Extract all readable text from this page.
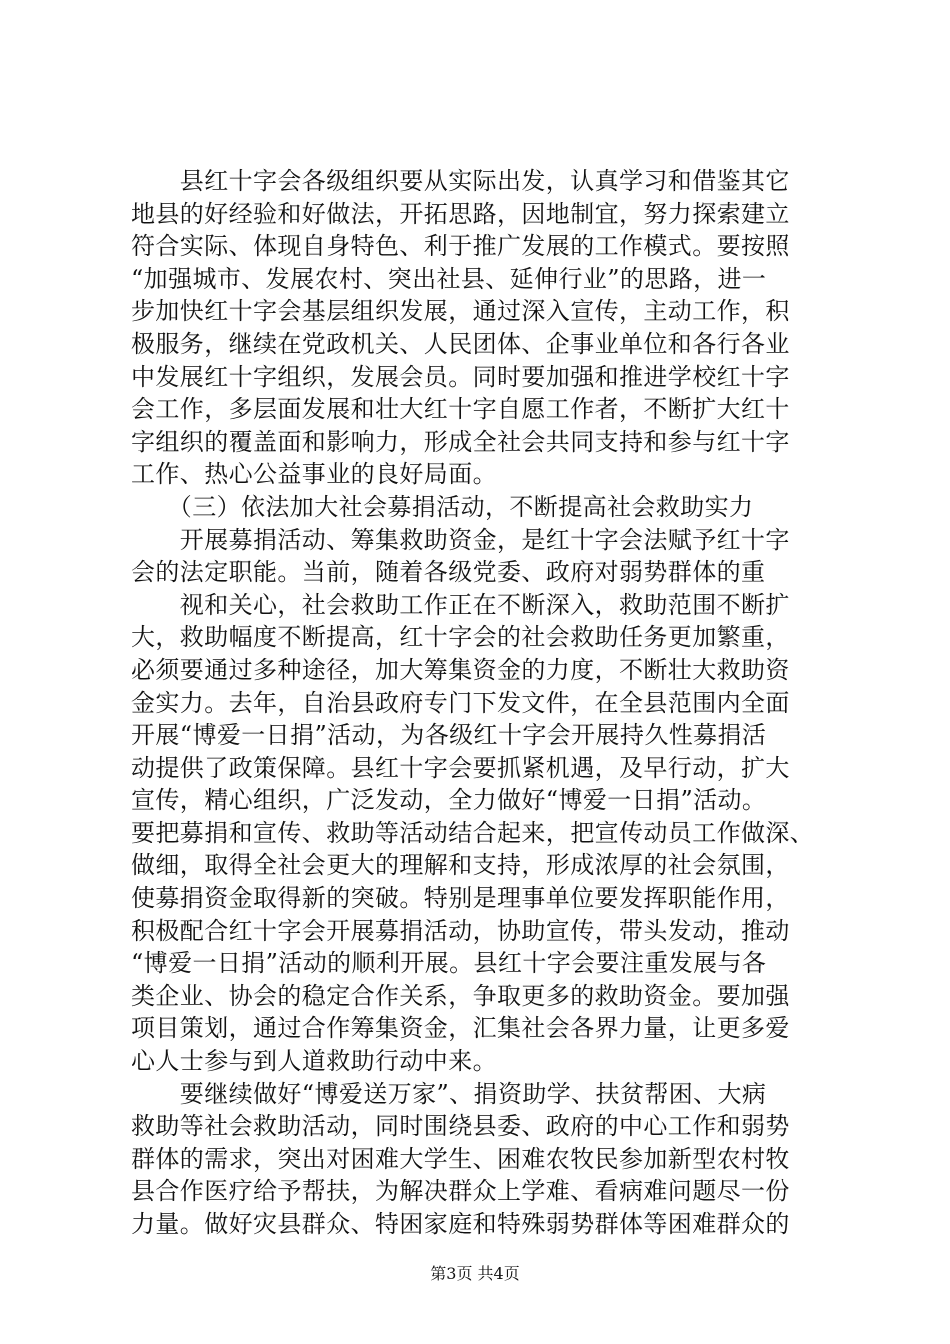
　　县红十字会各级组织要从实际出发，认真学习和借鉴其它
地县的好经验和好做法，开拓思路，因地制宜，努力探索建立
符合实际、体现自身特色、利于推广发展的工作模式。要按照
“加强城市、发展农村、突出社县、延伸行业”的思路，进一
步加快红十字会基层组织发展，通过深入宣传，主动工作，积
极服务，继续在党政机关、人民团体、企事业单位和各行各业
中发展红十字组织，发展会员。同时要加强和推进学校红十字
会工作，多层面发展和壮大红十字自愿工作者，不断扩大红十
字组织的覆盖面和影响力，形成全社会共同支持和参与红十字
工作、热心公益事业的良好局面。
　　（三）依法加大社会募捐活动，不断提高社会救助实力
　　开展募捐活动、筹集救助资金，是红十字会法赋予红十字
会的法定职能。当前，随着各级党委、政府对弱势群体的重
　　视和关心，社会救助工作正在不断深入，救助范围不断扩
大，救助幅度不断提高，红十字会的社会救助任务更加繁重，
必须要通过多种途径，加大筹集资金的力度，不断壮大救助资
金实力。去年，自治县政府专门下发文件，在全县范围内全面
开展“博爱一日捐”活动，为各级红十字会开展持久性募捐活
动提供了政策保障。县红十字会要抓紧机遇，及早行动，扩大
宣传，精心组织，广泛发动，全力做好“博爱一日捐”活动。
要把募捐和宣传、救助等活动结合起来，把宣传动员工作做深、
做细，取得全社会更大的理解和支持，形成浓厚的社会氛围，
使募捐资金取得新的突破。特别是理事单位要发挥职能作用，
积极配合红十字会开展募捐活动，协助宣传，带头发动，推动
“博爱一日捐”活动的顺利开展。县红十字会要注重发展与各
类企业、协会的稳定合作关系，争取更多的救助资金。要加强
项目策划，通过合作筹集资金，汇集社会各界力量，让更多爱
心人士参与到人道救助行动中来。
　　要继续做好“博爱送万家”、捐资助学、扶贫帮困、大病
救助等社会救助活动，同时围绕县委、政府的中心工作和弱势
群体的需求，突出对困难大学生、困难农牧民参加新型农村牧
县合作医疗给予帮扶，为解决群众上学难、看病难问题尽一份
力量。做好灾县群众、特困家庭和特殊弱势群体等困难群众的
第3页 共4页
